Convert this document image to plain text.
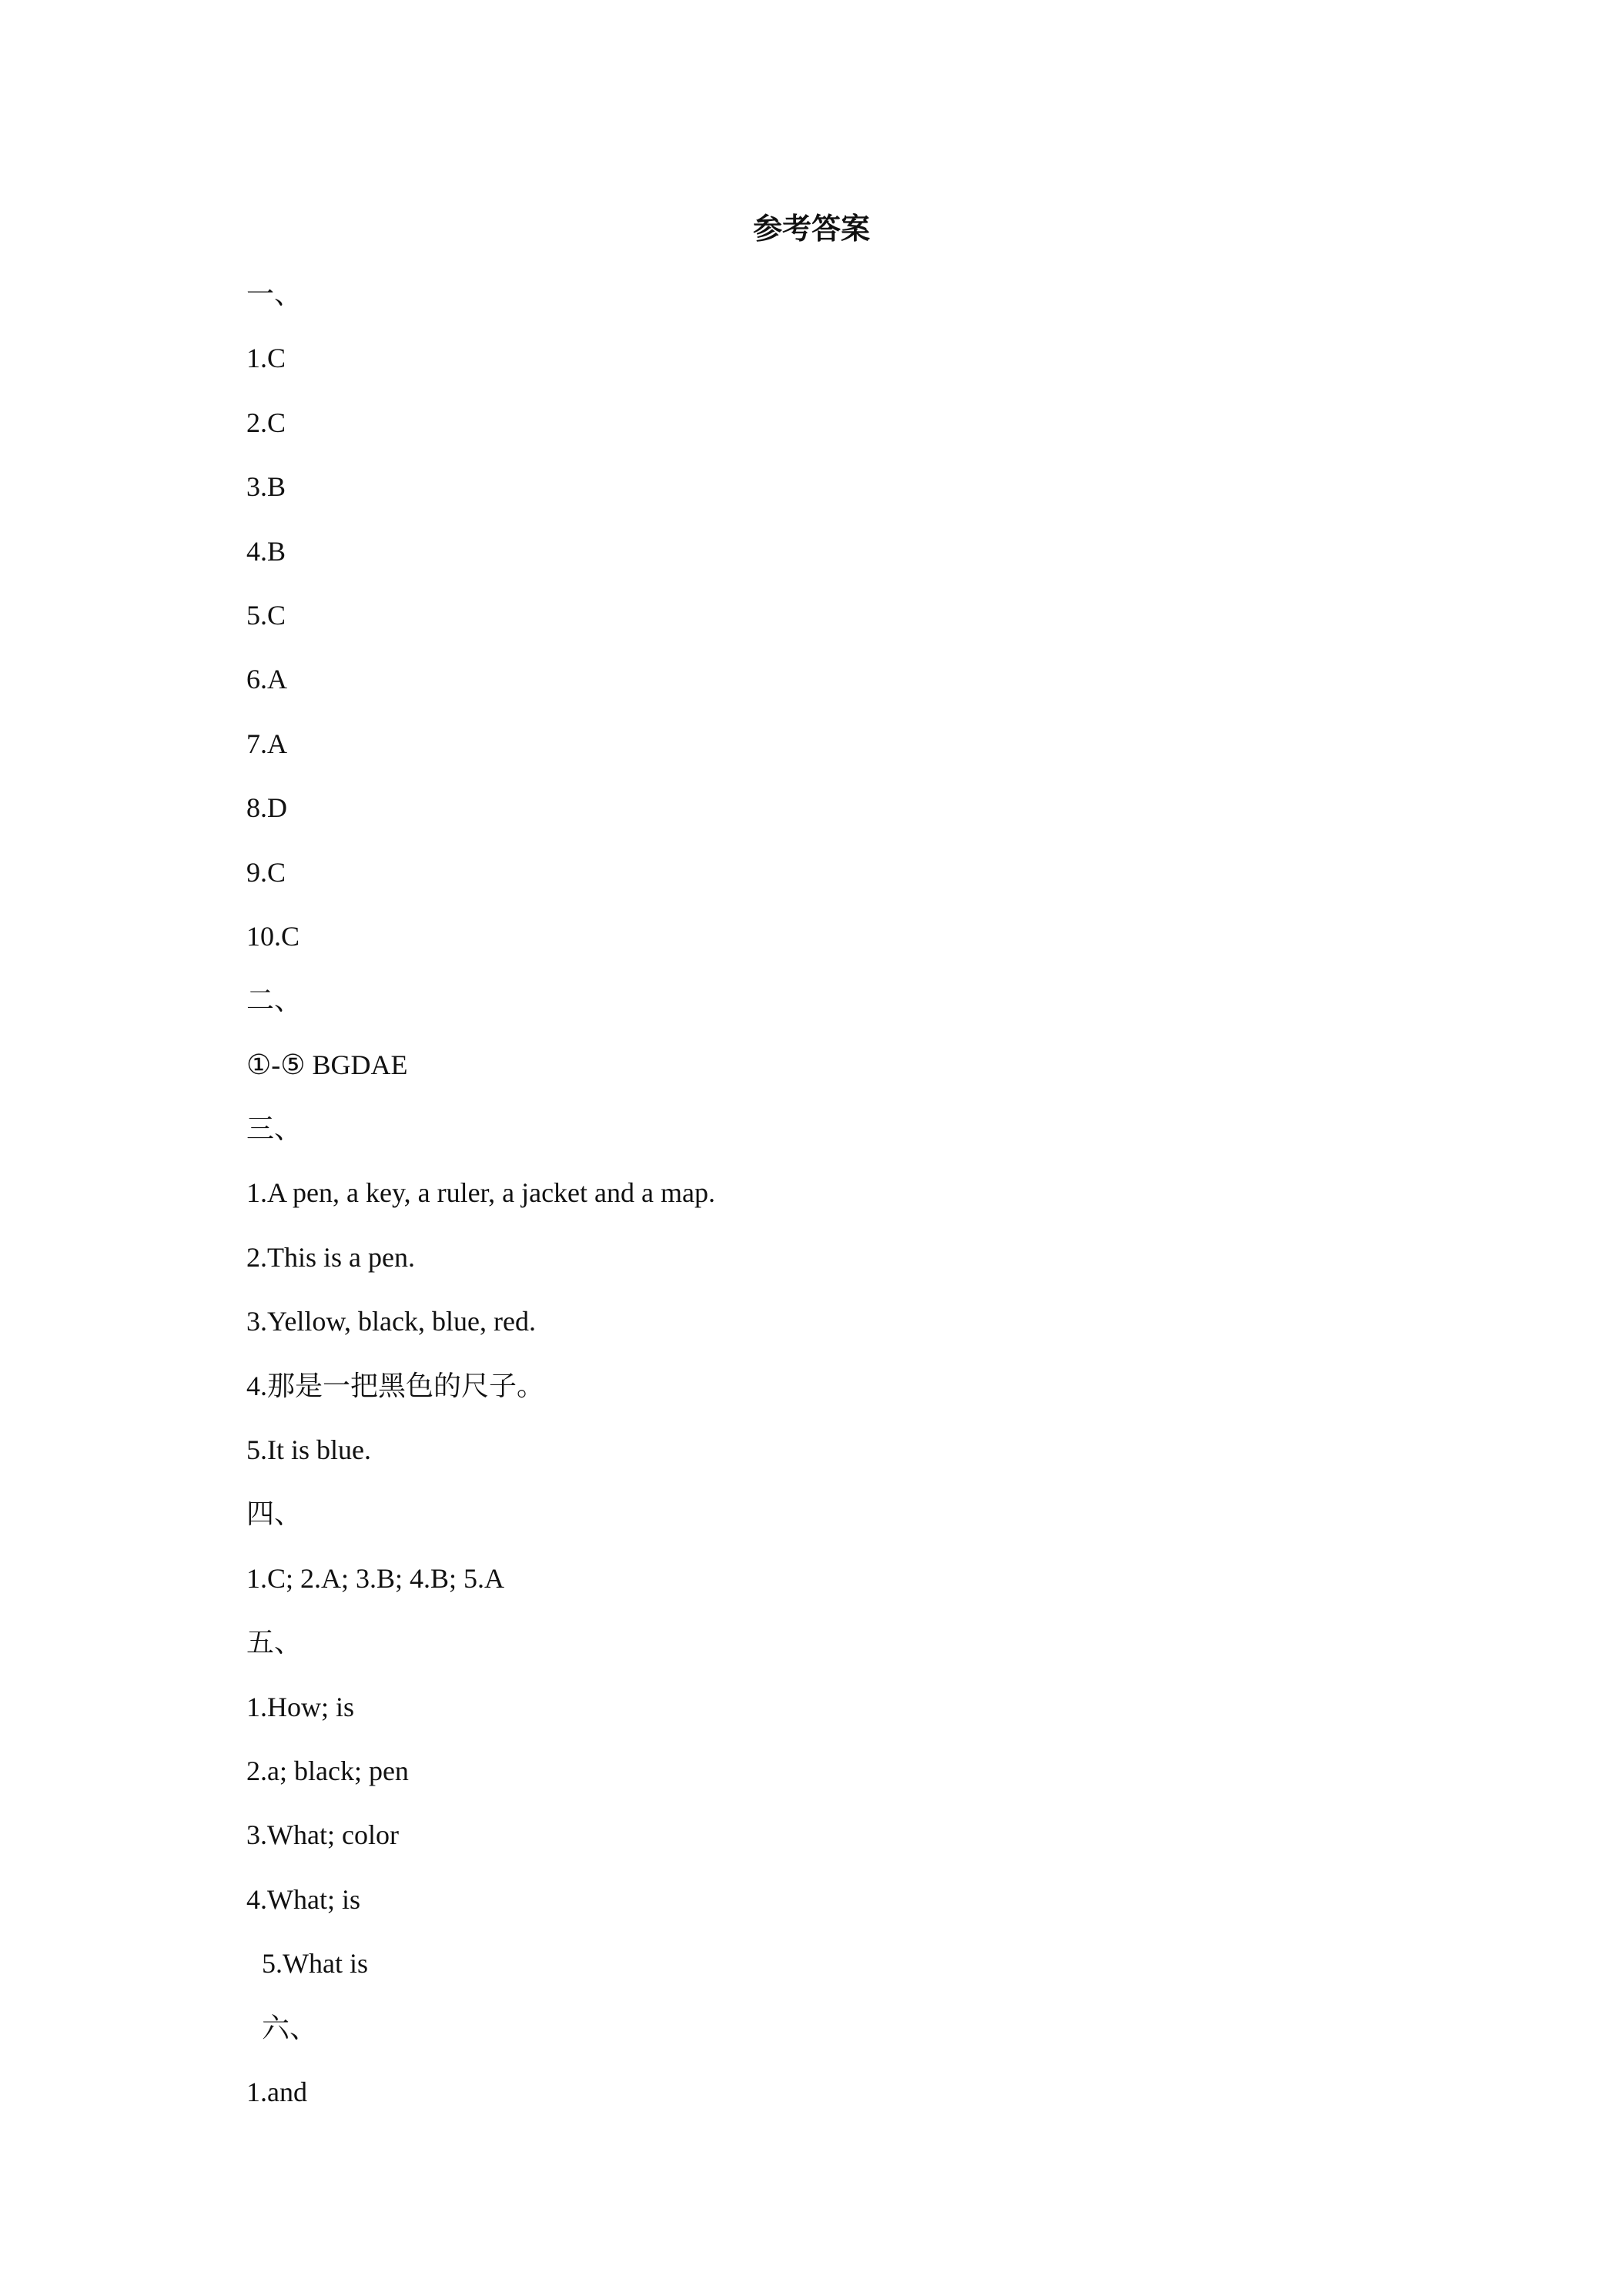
参考答案
一、
1.C
2.C
3.B
4.B
5.C
6.A
7.A
8.D
9.C
10.C
二、
①-⑤ BGDAE
三、
1.A pen, a key, a ruler, a jacket and a map.
2.This is a pen.
3.Yellow, black, blue, red.
4.那是一把黑色的尺子。
5.It is blue.
四、
1.C; 2.A; 3.B; 4.B; 5.A
五、
1.How; is
2.a; black; pen
3.What; color
4.What; is
5.What is
六、
1.and
